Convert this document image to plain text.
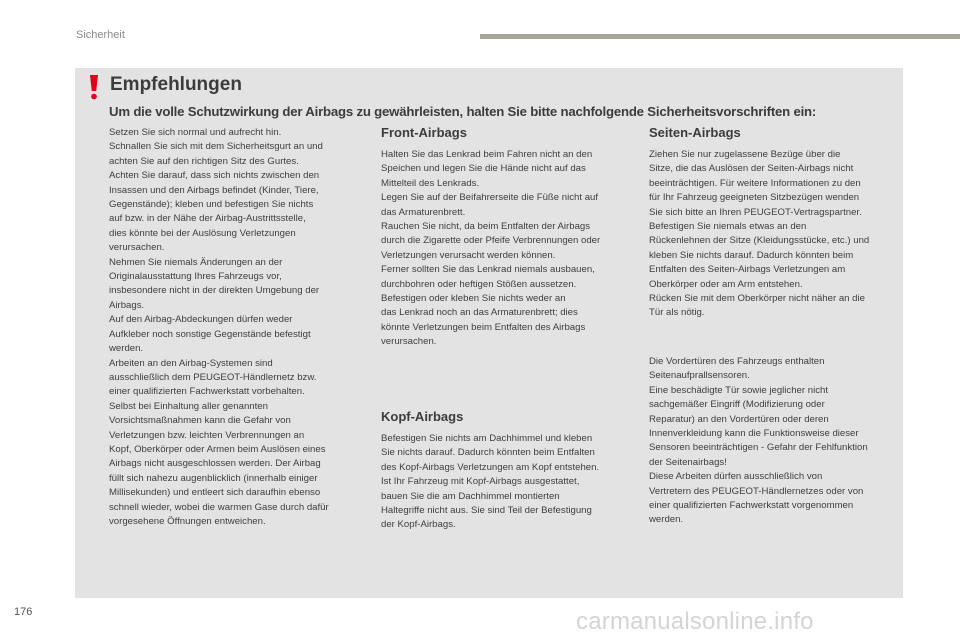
Sicherheit
Empfehlungen
Um die volle Schutzwirkung der Airbags zu gewährleisten, halten Sie bitte nachfolgende Sicherheitsvorschriften ein:

Setzen Sie sich normal und aufrecht hin.
Schnallen Sie sich mit dem Sicherheitsgurt an und
achten Sie auf den richtigen Sitz des Gurtes.
Achten Sie darauf, dass sich nichts zwischen den
Insassen und den Airbags befindet (Kinder, Tiere,
Gegenstände); kleben und befestigen Sie nichts
auf bzw. in der Nähe der Airbag-Austrittsstelle,
dies könnte bei der Auslösung Verletzungen
verursachen.
Nehmen Sie niemals Änderungen an der
Originalausstattung Ihres Fahrzeugs vor,
insbesondere nicht in der direkten Umgebung der
Airbags.
Auf den Airbag-Abdeckungen dürfen weder
Aufkleber noch sonstige Gegenstände befestigt
werden.
Arbeiten an den Airbag-Systemen sind
ausschließlich dem PEUGEOT-Händlernetz bzw.
einer qualifizierten Fachwerkstatt vorbehalten.
Selbst bei Einhaltung aller genannten
Vorsichtsmaßnahmen kann die Gefahr von
Verletzungen bzw. leichten Verbrennungen an
Kopf, Oberkörper oder Armen beim Auslösen eines
Airbags nicht ausgeschlossen werden. Der Airbag
füllt sich nahezu augenblicklich (innerhalb einiger
Millisekunden) und entleert sich daraufhin ebenso
schnell wieder, wobei die warmen Gase durch dafür
vorgesehene Öffnungen entweichen.

Front-Airbags

Halten Sie das Lenkrad beim Fahren nicht an den
Speichen und legen Sie die Hände nicht auf das
Mittelteil des Lenkrads.
Legen Sie auf der Beifahrerseite die Füße nicht auf
das Armaturenbrett.
Rauchen Sie nicht, da beim Entfalten der Airbags
durch die Zigarette oder Pfeife Verbrennungen oder
Verletzungen verursacht werden können.
Ferner sollten Sie das Lenkrad niemals ausbauen,
durchbohren oder heftigen Stößen aussetzen.
Befestigen oder kleben Sie nichts weder an
das Lenkrad noch an das Armaturenbrett; dies
könnte Verletzungen beim Entfalten des Airbags
verursachen.

Kopf-Airbags

Befestigen Sie nichts am Dachhimmel und kleben
Sie nichts darauf. Dadurch könnten beim Entfalten
des Kopf-Airbags Verletzungen am Kopf entstehen.
Ist Ihr Fahrzeug mit Kopf-Airbags ausgestattet,
bauen Sie die am Dachhimmel montierten
Haltegriffe nicht aus. Sie sind Teil der Befestigung
der Kopf-Airbags.

Seiten-Airbags

Ziehen Sie nur zugelassene Bezüge über die
Sitze, die das Auslösen der Seiten-Airbags nicht
beeinträchtigen. Für weitere Informationen zu den
für Ihr Fahrzeug geeigneten Sitzbezügen wenden
Sie sich bitte an Ihren PEUGEOT-Vertragspartner.
Befestigen Sie niemals etwas an den
Rückenlehnen der Sitze (Kleidungsstücke, etc.) und
kleben Sie nichts darauf. Dadurch könnten beim
Entfalten des Seiten-Airbags Verletzungen am
Oberkörper oder am Arm entstehen.
Rücken Sie mit dem Oberkörper nicht näher an die
Tür als nötig.

Die Vordertüren des Fahrzeugs enthalten
Seitenaufprallsensoren.
Eine beschädigte Tür sowie jeglicher nicht
sachgemäßer Eingriff (Modifizierung oder
Reparatur) an den Vordertüren oder deren
Innenverkleidung kann die Funktionsweise dieser
Sensoren beeinträchtigen - Gefahr der Fehlfunktion
der Seitenairbags!
Diese Arbeiten dürfen ausschließlich von
Vertretern des PEUGEOT-Händlernetzes oder von
einer qualifizierten Fachwerkstatt vorgenommen
werden.

176	carmanualsonline.info
